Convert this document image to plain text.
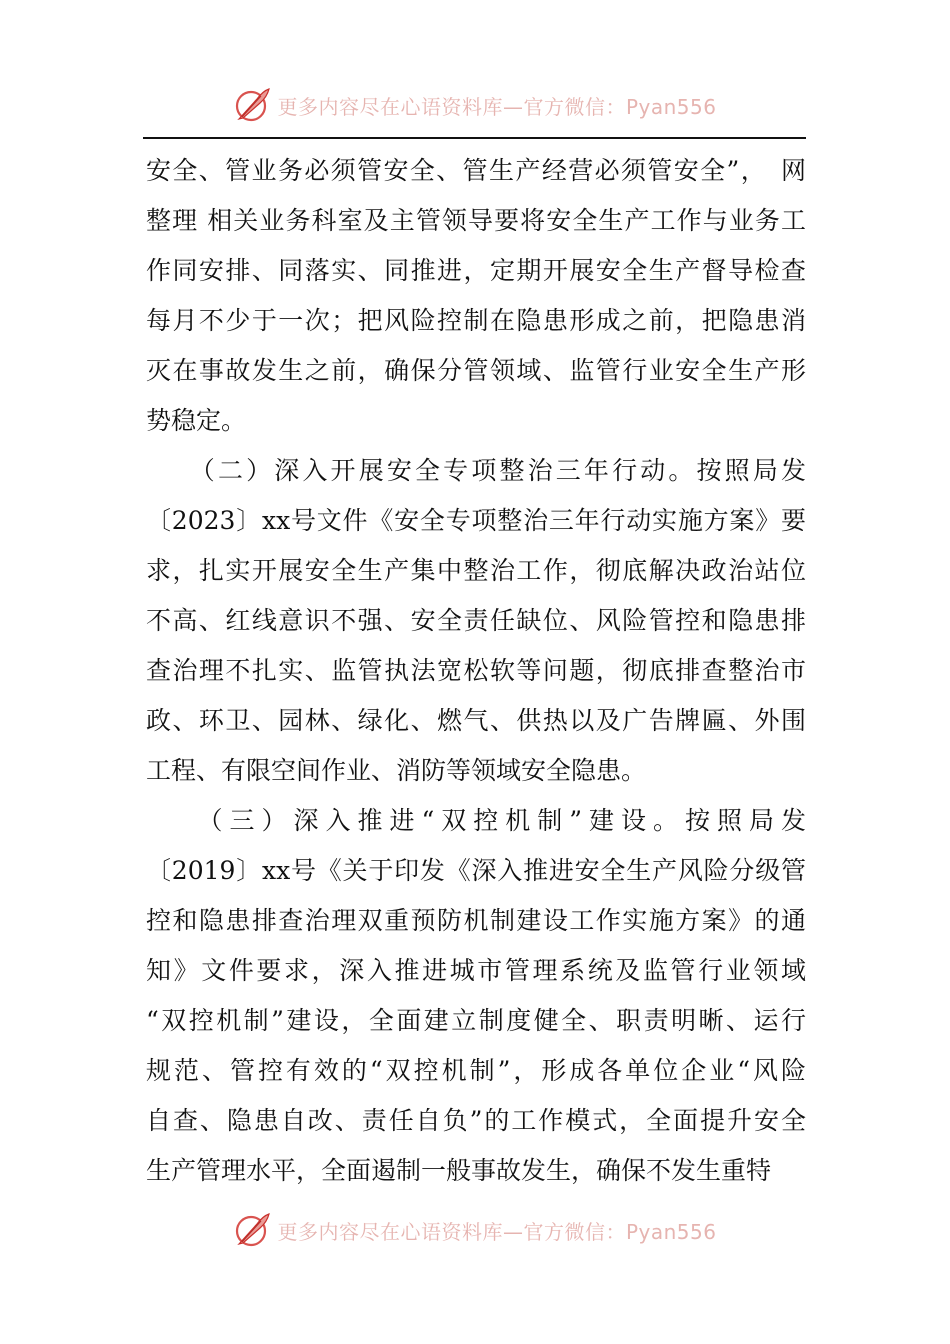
更多内容尽在心语资料库—官方微信：Pyan556
安全、管业务必须管安全、管生产经营必须管安全”，　网
整理 相关业务科室及主管领导要将安全生产工作与业务工
作同安排、同落实、同推进，定期开展安全生产督导检查
每月不少于一次；把风险控制在隐患形成之前，把隐患消
灭在事故发生之前，确保分管领域、监管行业安全生产形
势稳定。
　　（二）深入开展安全专项整治三年行动。按照局发
〔2023〕xx号文件《安全专项整治三年行动实施方案》要
求，扎实开展安全生产集中整治工作，彻底解决政治站位
不高、红线意识不强、安全责任缺位、风险管控和隐患排
查治理不扎实、监管执法宽松软等问题，彻底排查整治市
政、环卫、园林、绿化、燃气、供热以及广告牌匾、外围
工程、有限空间作业、消防等领域安全隐患。
　　（三）深入推进“双控机制”建设。按照局发
〔2019〕xx号《关于印发《深入推进安全生产风险分级管
控和隐患排查治理双重预防机制建设工作实施方案》的通
知》文件要求，深入推进城市管理系统及监管行业领域
“双控机制”建设，全面建立制度健全、职责明晰、运行
规范、管控有效的“双控机制”，形成各单位企业“风险
自查、隐患自改、责任自负”的工作模式，全面提升安全
生产管理水平，全面遏制一般事故发生，确保不发生重特
更多内容尽在心语资料库—官方微信：Pyan556
